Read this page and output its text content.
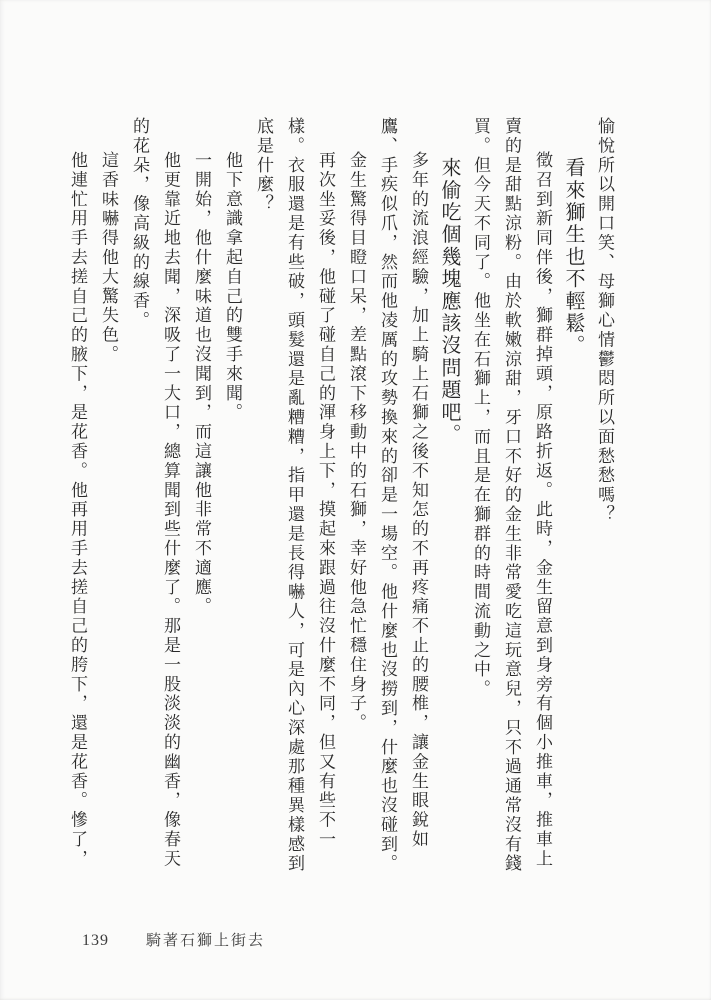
愉悅所以開口笑、母獅心情鬱悶所以面愁愁嗎？

看來獅生也不輕鬆。

徵召到新同伴後，獅群掉頭，原路折返。此時，金生留意到身旁有個小推車，推車上賣的是甜點涼粉。由於軟嫩涼甜，牙口不好的金生非常愛吃這玩意兒，只不過通常沒有錢買。但今天不同了。他坐在石獅上，而且是在獅群的時間流動之中。

來偷吃個幾塊應該沒問題吧。

多年的流浪經驗，加上騎上石獅之後不知怎的不再疼痛不止的腰椎，讓金生眼銳如鷹、手疾似爪，然而他凌厲的攻勢換來的卻是一場空。他什麼也沒撈到，什麼也沒碰到。

金生驚得目瞪口呆，差點滾下移動中的石獅，幸好他急忙穩住身子。

再次坐妥後，他碰了碰自己的渾身上下，摸起來跟過往沒什麼不同，但又有些不一樣。衣服還是有些破，頭髮還是亂糟糟，指甲還是長得嚇人，可是內心深處那種異樣感到底是什麼？

他下意識拿起自己的雙手來聞。

一開始，他什麼味道也沒聞到，而這讓他非常不適應。

他更靠近地去聞，深吸了一大口，總算聞到些什麼了。那是一股淡淡的幽香，像春天的花朵，像高級的線香。

這香味嚇得他大驚失色。

他連忙用手去搓自己的腋下，是花香。他再用手去搓自己的胯下，還是花香。慘了，

139 騎著石獅上街去
